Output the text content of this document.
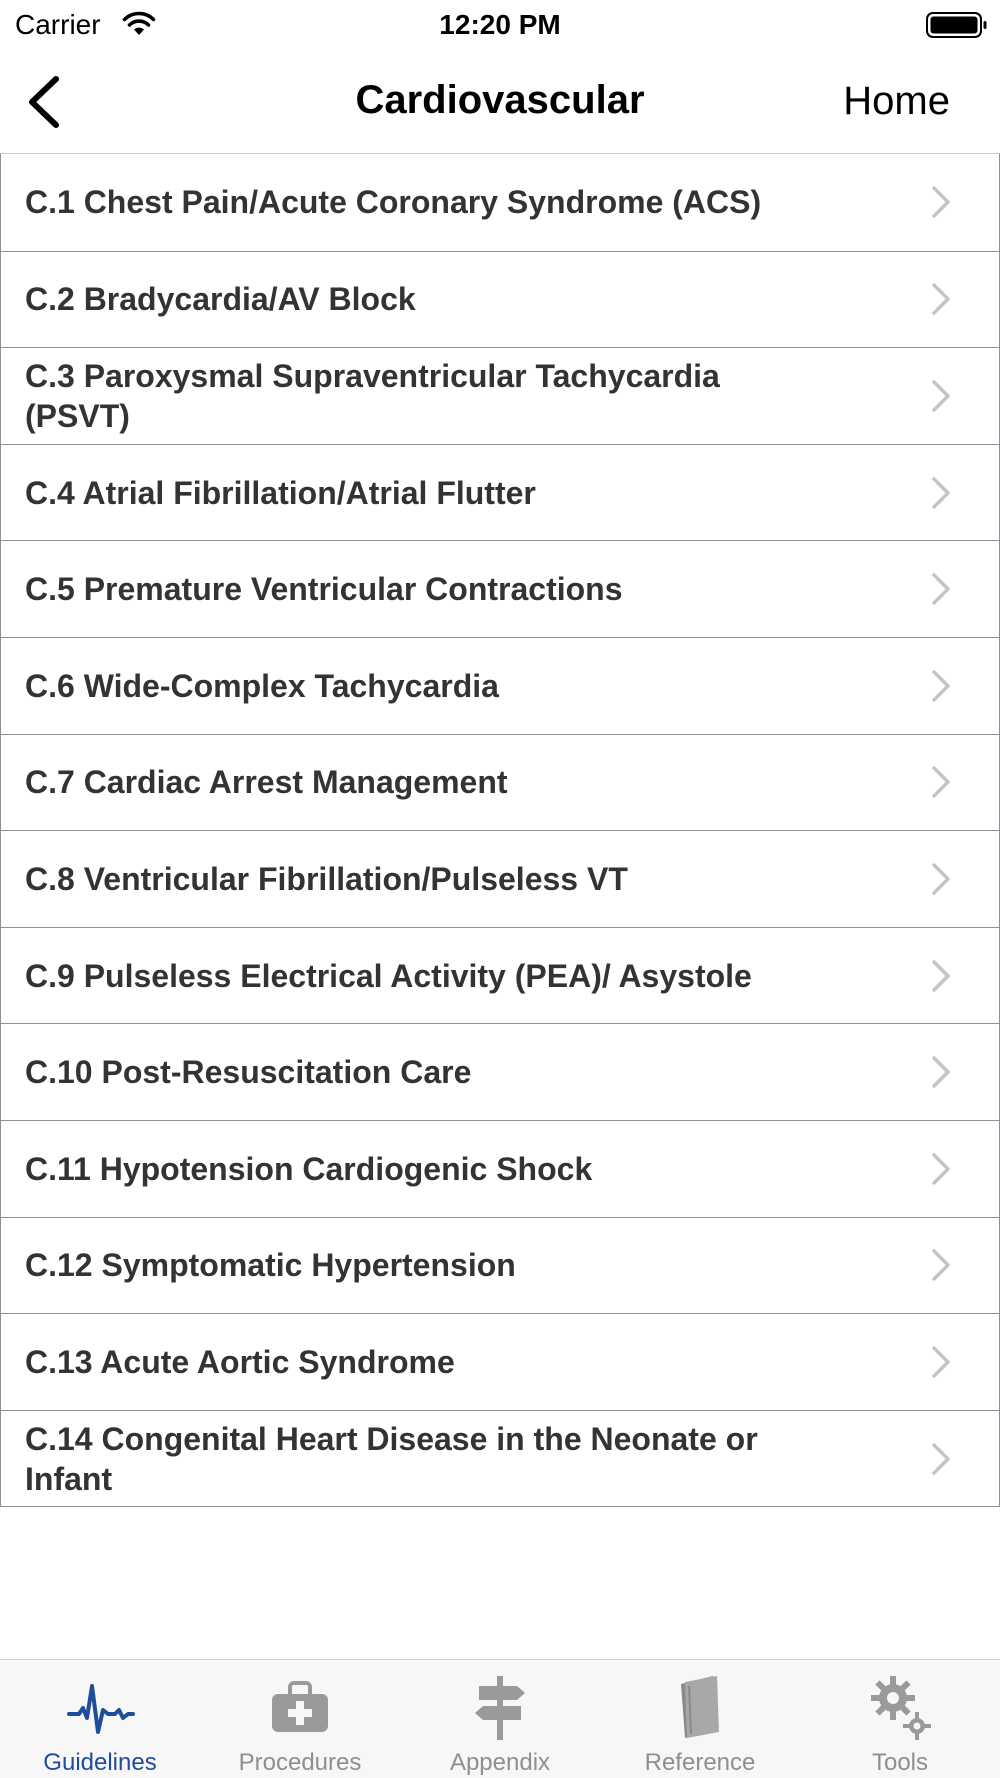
Carrier	12:20 PM
Cardiovascular	Home
C.1 Chest Pain/Acute Coronary Syndrome (ACS)
C.2 Bradycardia/AV Block
C.3 Paroxysmal Supraventricular Tachycardia (PSVT)
C.4 Atrial Fibrillation/Atrial Flutter
C.5 Premature Ventricular Contractions
C.6 Wide-Complex Tachycardia
C.7 Cardiac Arrest Management
C.8 Ventricular Fibrillation/Pulseless VT
C.9 Pulseless Electrical Activity (PEA)/ Asystole
C.10 Post-Resuscitation Care
C.11 Hypotension Cardiogenic Shock
C.12 Symptomatic Hypertension
C.13 Acute Aortic Syndrome
C.14 Congenital Heart Disease in the Neonate or Infant
Guidelines	Procedures	Appendix	Reference	Tools
